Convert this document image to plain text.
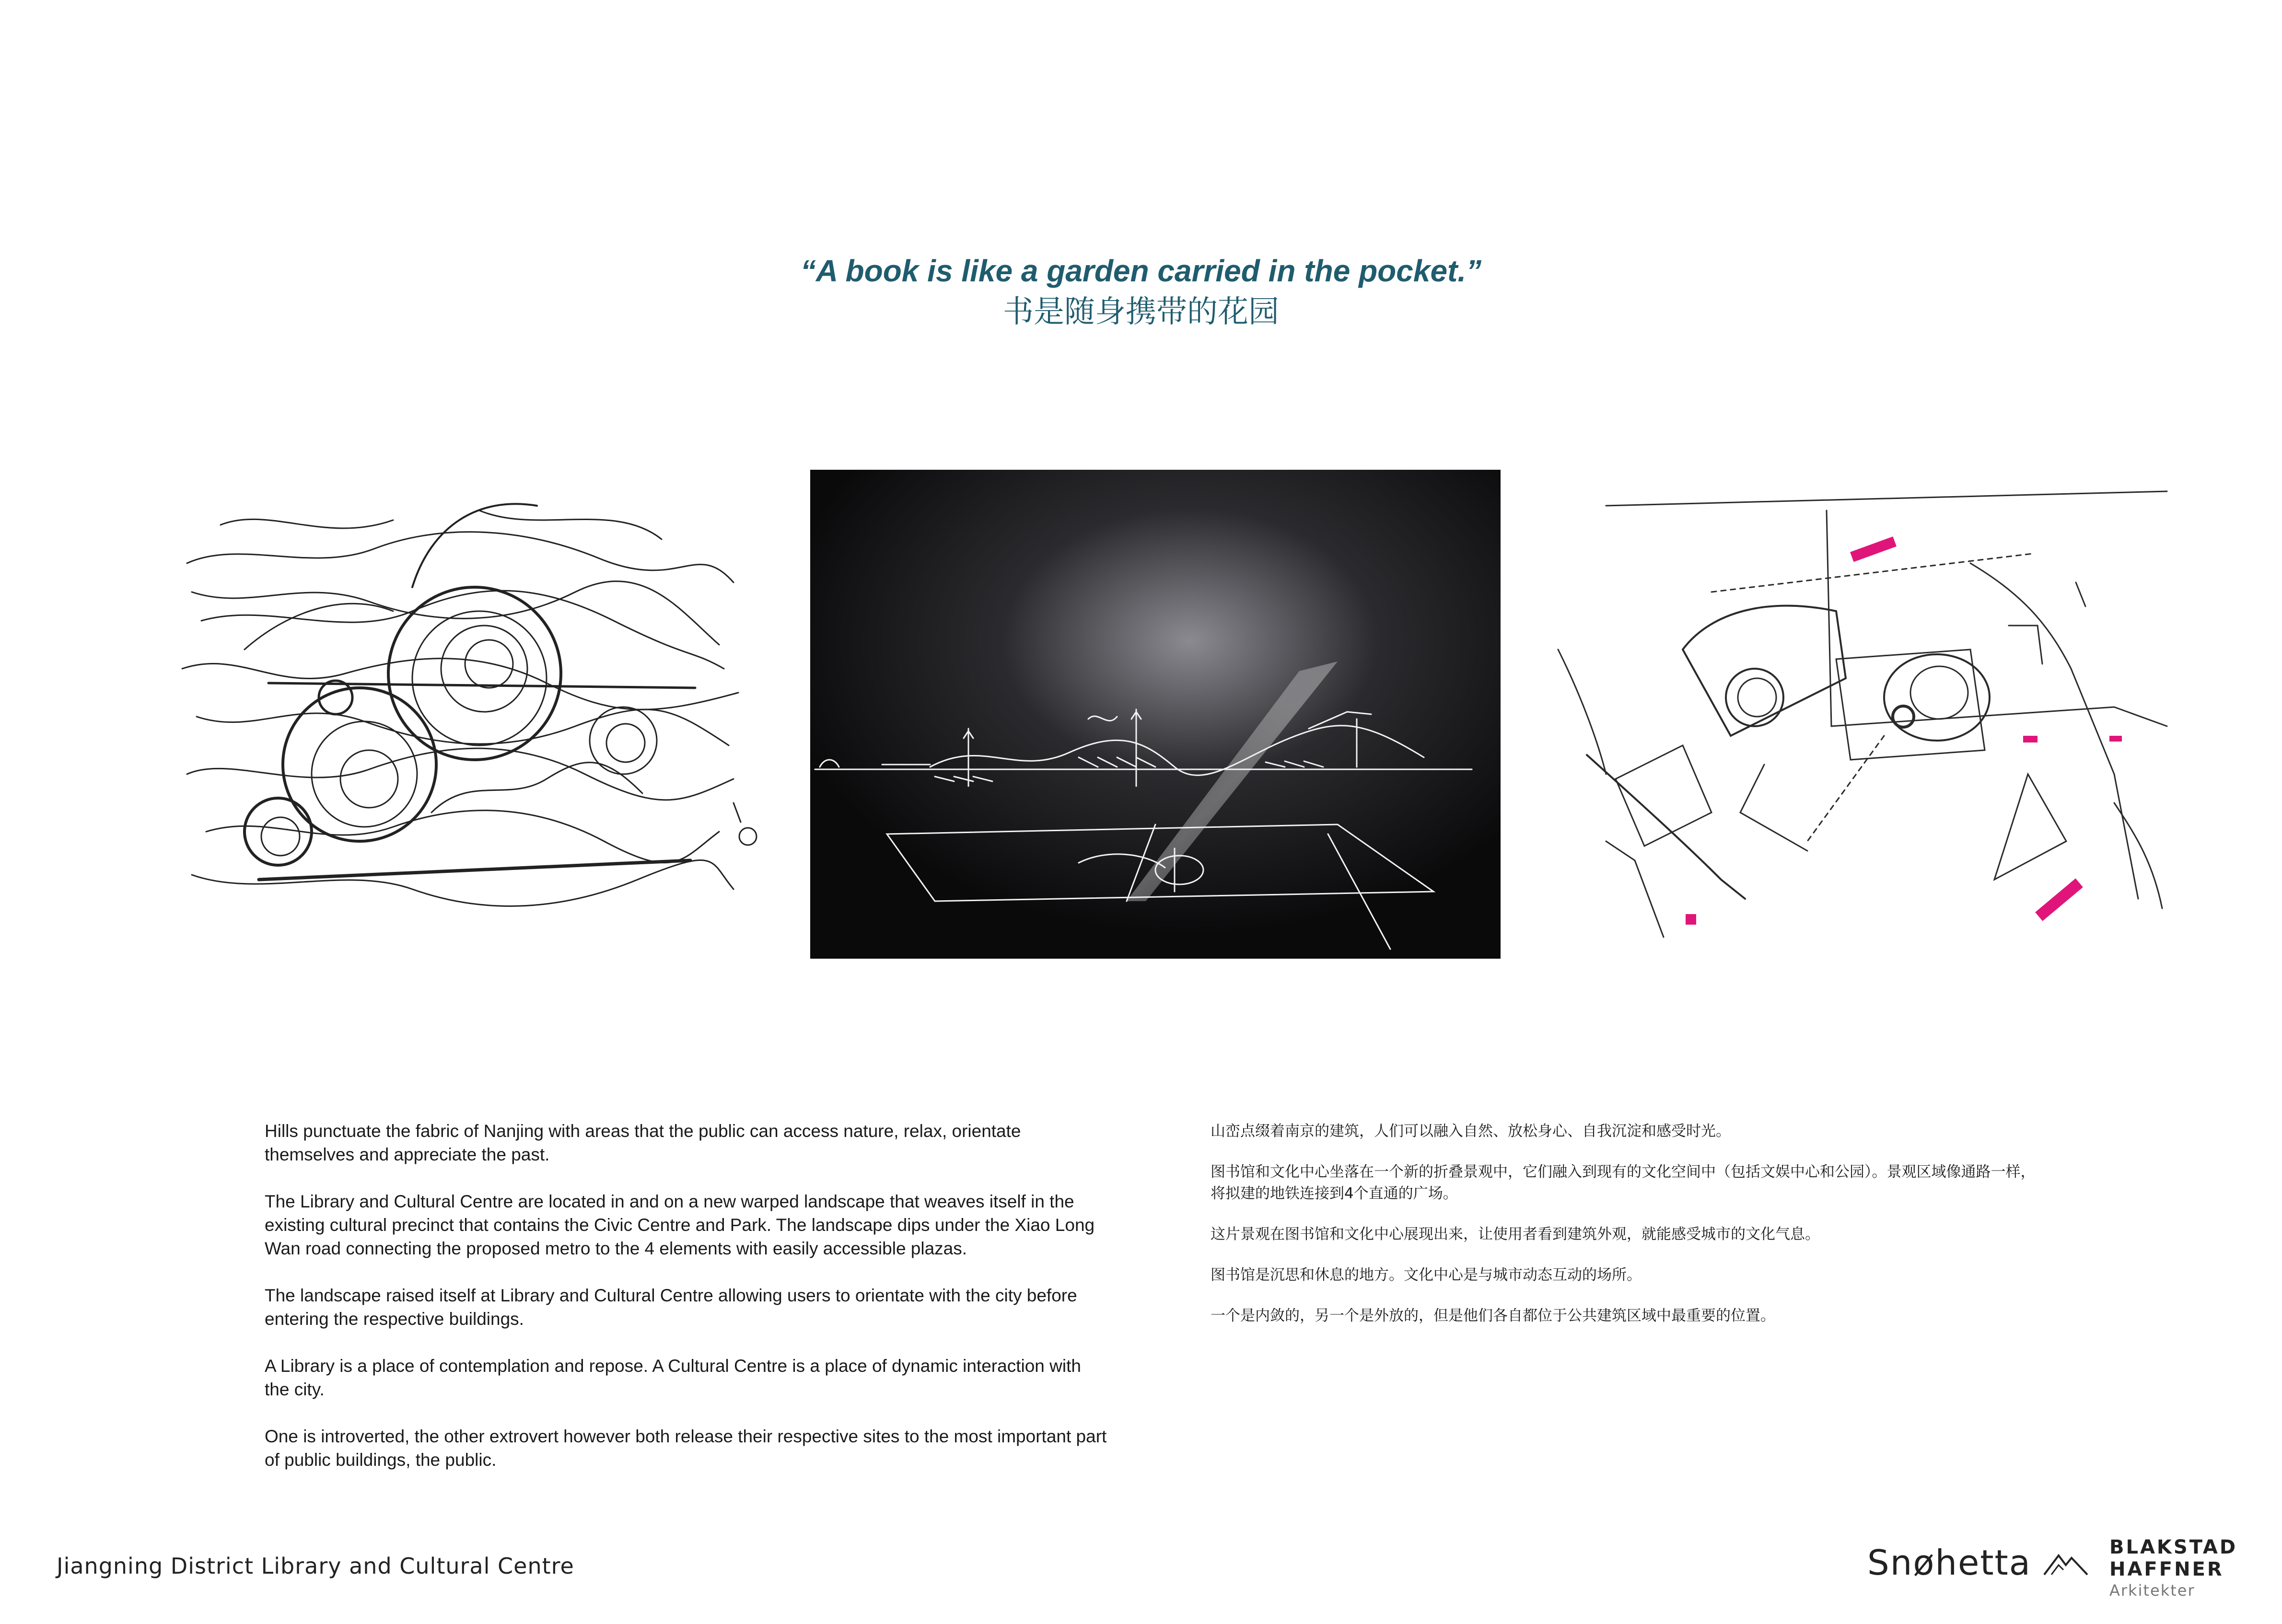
“A book is like a garden carried in the pocket.”
书是随身携带的花园

Hills punctuate the fabric of Nanjing with areas that the public can access nature, relax, orientate themselves and appreciate the past.

The Library and Cultural Centre are located in and on a new warped landscape that weaves itself in the existing cultural precinct that contains the Civic Centre and Park. The landscape dips under the Xiao Long Wan road connecting the proposed metro to the 4 elements with easily accessible plazas.

The landscape raised itself at Library and Cultural Centre allowing users to orientate with the city before entering the respective buildings.

A Library is a place of contemplation and repose. A Cultural Centre is a place of dynamic interaction with the city.

One is introverted, the other extrovert however both release their respective sites to the most important part of public buildings, the public.

山峦点缀着南京的建筑，人们可以融入自然、放松身心、自我沉淀和感受时光。

图书馆和文化中心坐落在一个新的折叠景观中，它们融入到现有的文化空间中（包括文娱中心和公园）。景观区域像通路一样，将拟建的地铁连接到4个直通的广场。

这片景观在图书馆和文化中心展现出来，让使用者看到建筑外观，就能感受城市的文化气息。

图书馆是沉思和休息的地方。文化中心是与城市动态互动的场所。

一个是内敛的，另一个是外放的，但是他们各自都位于公共建筑区域中最重要的位置。

Jiangning District Library and Cultural Centre	Snøhetta	BLAKSTAD
HAFFNER
Arkitekter
